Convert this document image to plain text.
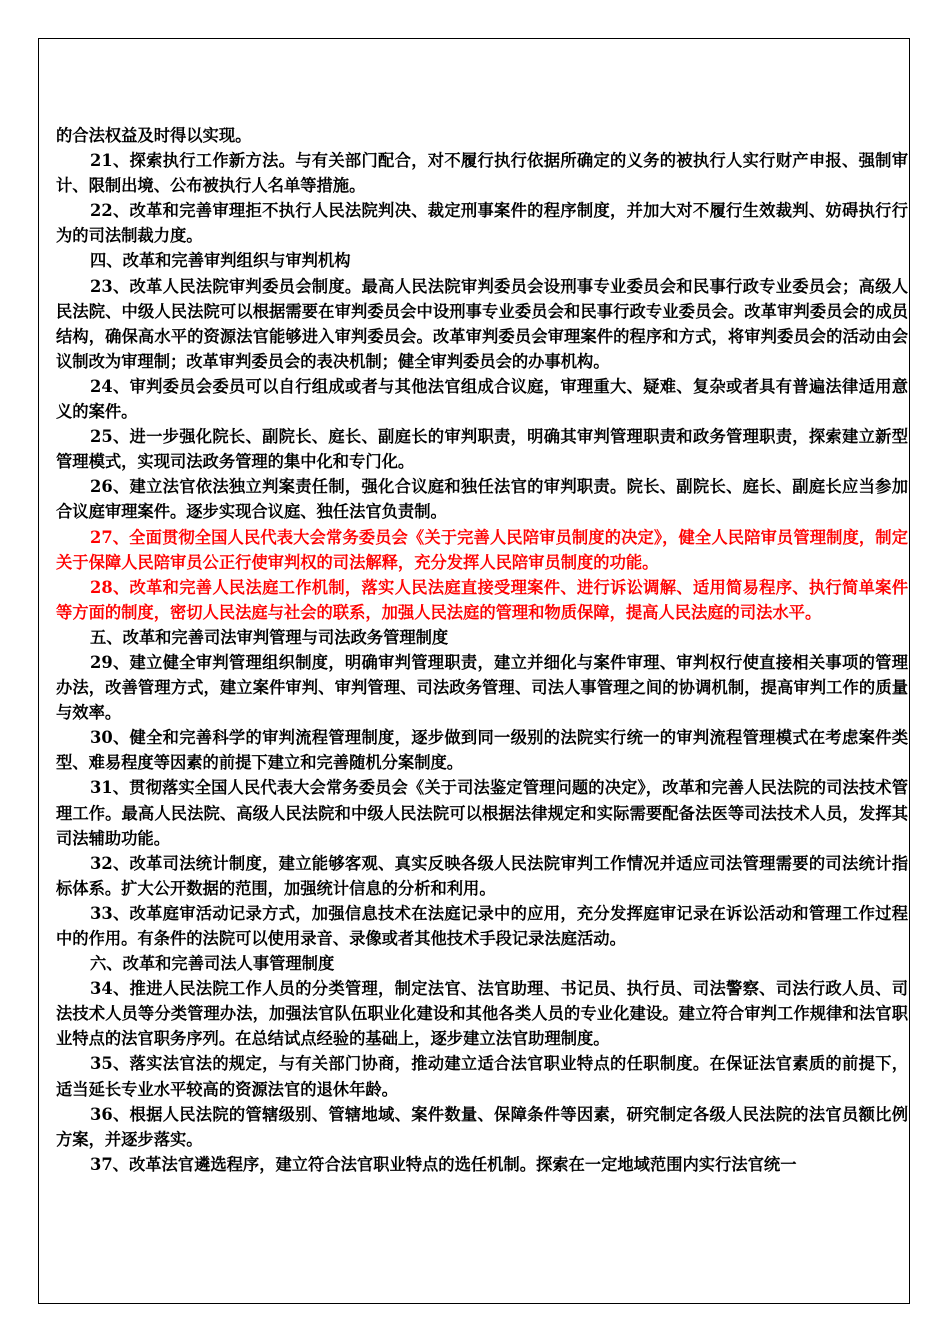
的合法权益及时得以实现。

21、探索执行工作新方法。与有关部门配合，对不履行执行依据所确定的义务的被执行人实行财产申报、强制审计、限制出境、公布被执行人名单等措施。

22、改革和完善审理拒不执行人民法院判决、裁定刑事案件的程序制度，并加大对不履行生效裁判、妨碍执行行为的司法制裁力度。

四、改革和完善审判组织与审判机构

23、改革人民法院审判委员会制度。最高人民法院审判委员会设刑事专业委员会和民事行政专业委员会；高级人民法院、中级人民法院可以根据需要在审判委员会中设刑事专业委员会和民事行政专业委员会。改革审判委员会的成员结构，确保高水平的资源法官能够进入审判委员会。改革审判委员会审理案件的程序和方式，将审判委员会的活动由会议制改为审理制；改革审判委员会的表决机制；健全审判委员会的办事机构。

24、审判委员会委员可以自行组成或者与其他法官组成合议庭，审理重大、疑难、复杂或者具有普遍法律适用意义的案件。

25、进一步强化院长、副院长、庭长、副庭长的审判职责，明确其审判管理职责和政务管理职责，探索建立新型管理模式，实现司法政务管理的集中化和专门化。

26、建立法官依法独立判案责任制，强化合议庭和独任法官的审判职责。院长、副院长、庭长、副庭长应当参加合议庭审理案件。逐步实现合议庭、独任法官负责制。

27、全面贯彻全国人民代表大会常务委员会《关于完善人民陪审员制度的决定》，健全人民陪审员管理制度，制定关于保障人民陪审员公正行使审判权的司法解释，充分发挥人民陪审员制度的功能。

28、改革和完善人民法庭工作机制，落实人民法庭直接受理案件、进行诉讼调解、适用简易程序、执行简单案件等方面的制度，密切人民法庭与社会的联系，加强人民法庭的管理和物质保障，提高人民法庭的司法水平。

五、改革和完善司法审判管理与司法政务管理制度

29、建立健全审判管理组织制度，明确审判管理职责，建立并细化与案件审理、审判权行使直接相关事项的管理办法，改善管理方式，建立案件审判、审判管理、司法政务管理、司法人事管理之间的协调机制，提高审判工作的质量与效率。

30、健全和完善科学的审判流程管理制度，逐步做到同一级别的法院实行统一的审判流程管理模式在考虑案件类型、难易程度等因素的前提下建立和完善随机分案制度。

31、贯彻落实全国人民代表大会常务委员会《关于司法鉴定管理问题的决定》，改革和完善人民法院的司法技术管理工作。最高人民法院、高级人民法院和中级人民法院可以根据法律规定和实际需要配备法医等司法技术人员，发挥其司法辅助功能。

32、改革司法统计制度，建立能够客观、真实反映各级人民法院审判工作情况并适应司法管理需要的司法统计指标体系。扩大公开数据的范围，加强统计信息的分析和利用。

33、改革庭审活动记录方式，加强信息技术在法庭记录中的应用，充分发挥庭审记录在诉讼活动和管理工作过程中的作用。有条件的法院可以使用录音、录像或者其他技术手段记录法庭活动。

六、改革和完善司法人事管理制度

34、推进人民法院工作人员的分类管理，制定法官、法官助理、书记员、执行员、司法警察、司法行政人员、司法技术人员等分类管理办法，加强法官队伍职业化建设和其他各类人员的专业化建设。建立符合审判工作规律和法官职业特点的法官职务序列。在总结试点经验的基础上，逐步建立法官助理制度。

35、落实法官法的规定，与有关部门协商，推动建立适合法官职业特点的任职制度。在保证法官素质的前提下，适当延长专业水平较高的资源法官的退休年龄。

36、根据人民法院的管辖级别、管辖地域、案件数量、保障条件等因素，研究制定各级人民法院的法官员额比例方案，并逐步落实。

37、改革法官遴选程序，建立符合法官职业特点的选任机制。探索在一定地域范围内实行法官统一
